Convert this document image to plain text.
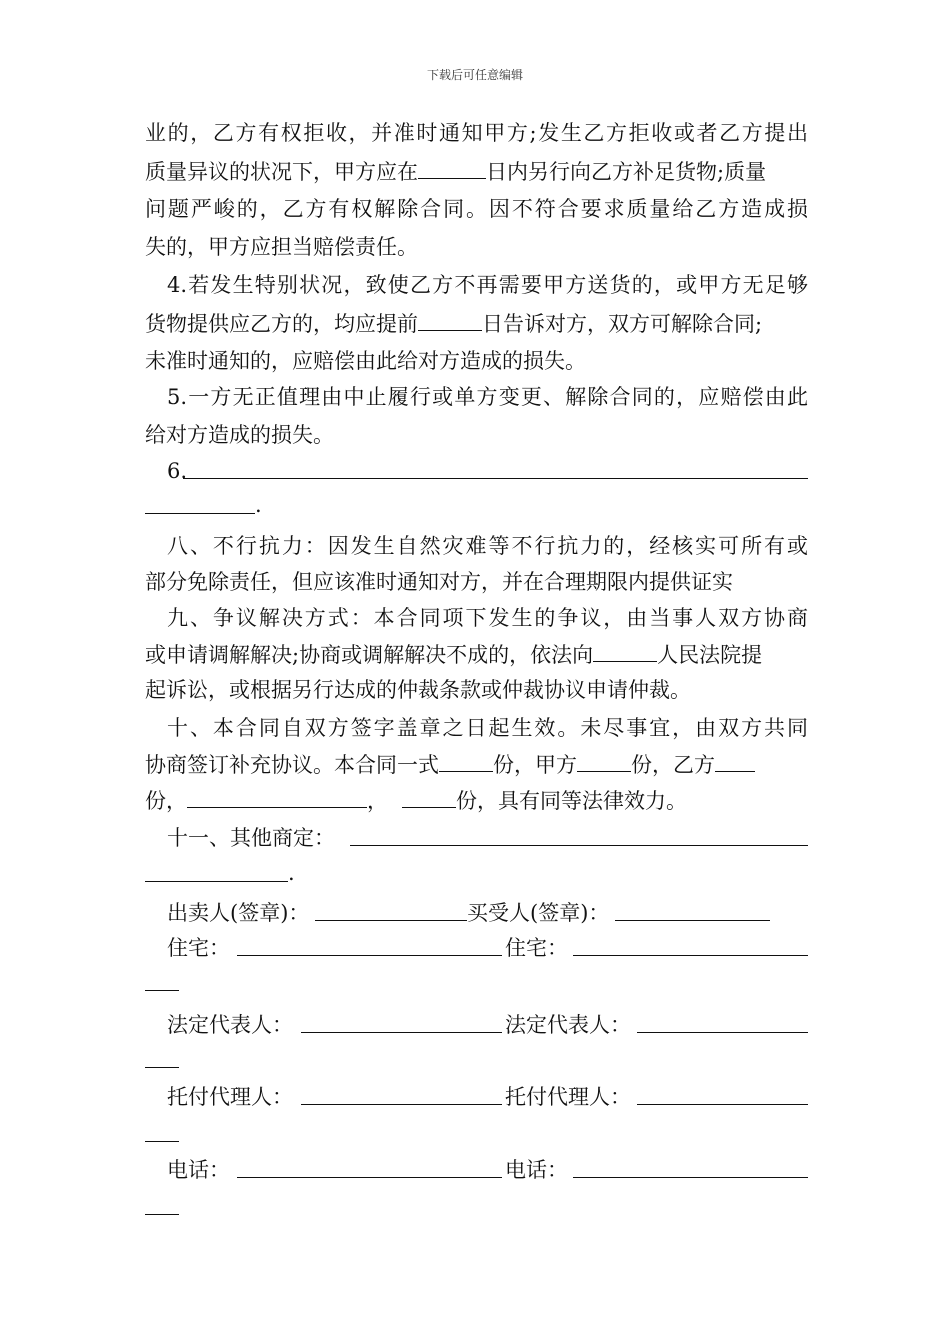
下载后可任意编辑
业的，乙方有权拒收，并准时通知甲方;发生乙方拒收或者乙方提出
质量异议的状况下，甲方应在	日内另行向乙方补足货物;质量
问题严峻的，乙方有权解除合同。因不符合要求质量给乙方造成损
失的，甲方应担当赔偿责任。
4.若发生特别状况，致使乙方不再需要甲方送货的，或甲方无足够
货物提供应乙方的，均应提前	日告诉对方，双方可解除合同;
未准时通知的，应赔偿由此给对方造成的损失。
5.一方无正值理由中止履行或单方变更、解除合同的，应赔偿由此
给对方造成的损失。
6.
.
八、不行抗力：因发生自然灾难等不行抗力的，经核实可所有或
部分免除责任，但应该准时通知对方，并在合理期限内提供证实
九、争议解决方式：本合同项下发生的争议，由当事人双方协商
或申请调解解决;协商或调解解决不成的，依法向	人民法院提
起诉讼，或根据另行达成的仲裁条款或仲裁协议申请仲裁。
十、本合同自双方签字盖章之日起生效。未尽事宜，由双方共同
协商签订补充协议。本合同一式	份，甲方	份，乙方
份，	，	份，具有同等法律效力。
十一、其他商定：
.
出卖人(签章)：	买受人(签章)：
住宅：	住宅：
法定代表人：	法定代表人：
托付代理人：	托付代理人：
电话：	电话：
